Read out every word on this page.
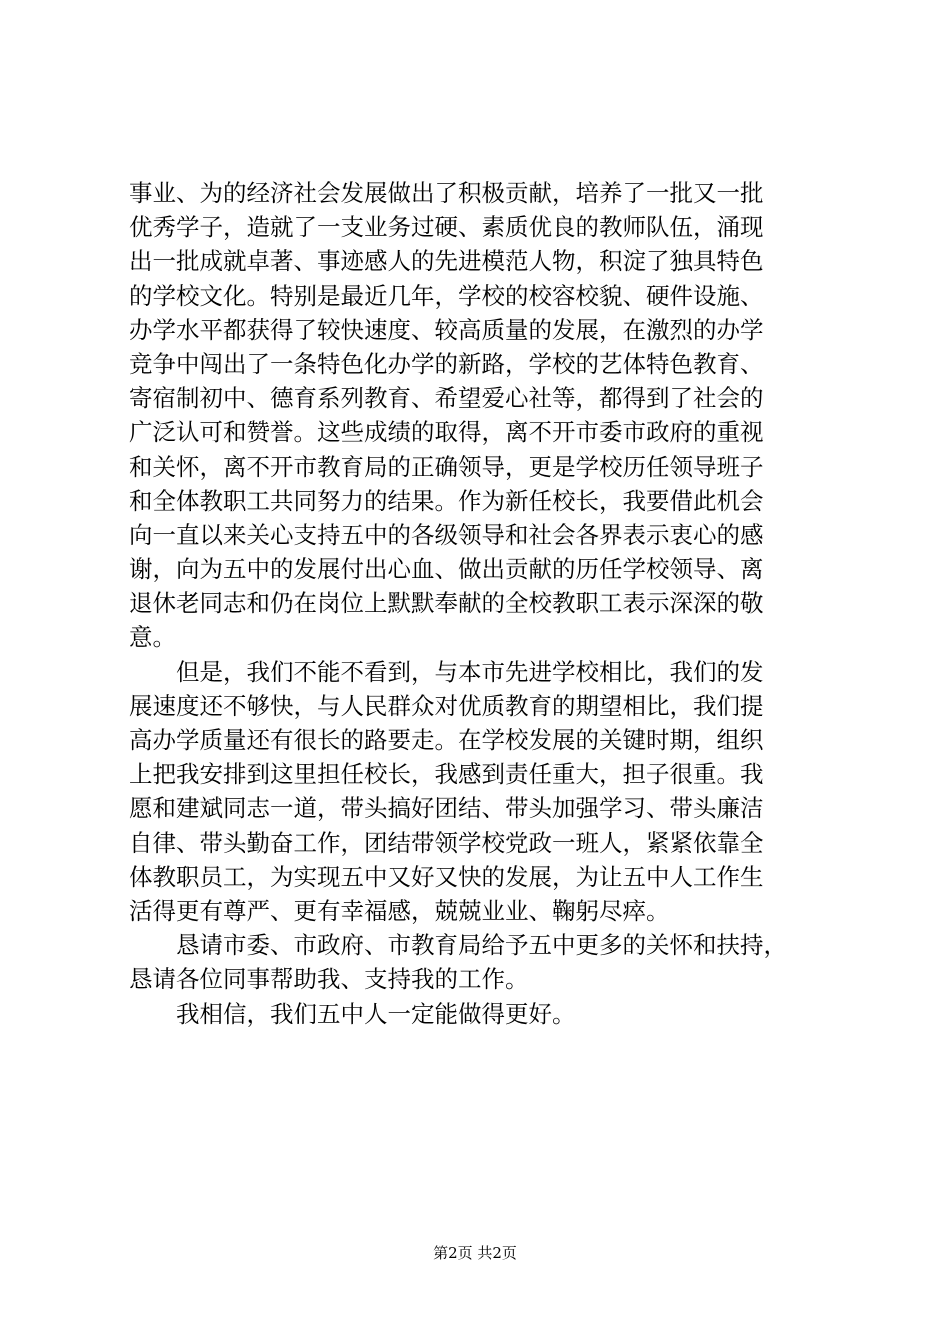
事业、为的经济社会发展做出了积极贡献，培养了一批又一批
优秀学子，造就了一支业务过硬、素质优良的教师队伍，涌现
出一批成就卓著、事迹感人的先进模范人物，积淀了独具特色
的学校文化。特别是最近几年，学校的校容校貌、硬件设施、
办学水平都获得了较快速度、较高质量的发展，在激烈的办学
竞争中闯出了一条特色化办学的新路，学校的艺体特色教育、
寄宿制初中、德育系列教育、希望爱心社等，都得到了社会的
广泛认可和赞誉。这些成绩的取得，离不开市委市政府的重视
和关怀，离不开市教育局的正确领导，更是学校历任领导班子
和全体教职工共同努力的结果。作为新任校长，我要借此机会
向一直以来关心支持五中的各级领导和社会各界表示衷心的感
谢，向为五中的发展付出心血、做出贡献的历任学校领导、离
退休老同志和仍在岗位上默默奉献的全校教职工表示深深的敬
意。
　　但是，我们不能不看到，与本市先进学校相比，我们的发
展速度还不够快，与人民群众对优质教育的期望相比，我们提
高办学质量还有很长的路要走。在学校发展的关键时期，组织
上把我安排到这里担任校长，我感到责任重大，担子很重。我
愿和建斌同志一道，带头搞好团结、带头加强学习、带头廉洁
自律、带头勤奋工作，团结带领学校党政一班人，紧紧依靠全
体教职员工，为实现五中又好又快的发展，为让五中人工作生
活得更有尊严、更有幸福感，兢兢业业、鞠躬尽瘁。
　　恳请市委、市政府、市教育局给予五中更多的关怀和扶持，
恳请各位同事帮助我、支持我的工作。
　　我相信，我们五中人一定能做得更好。
第2页 共2页
